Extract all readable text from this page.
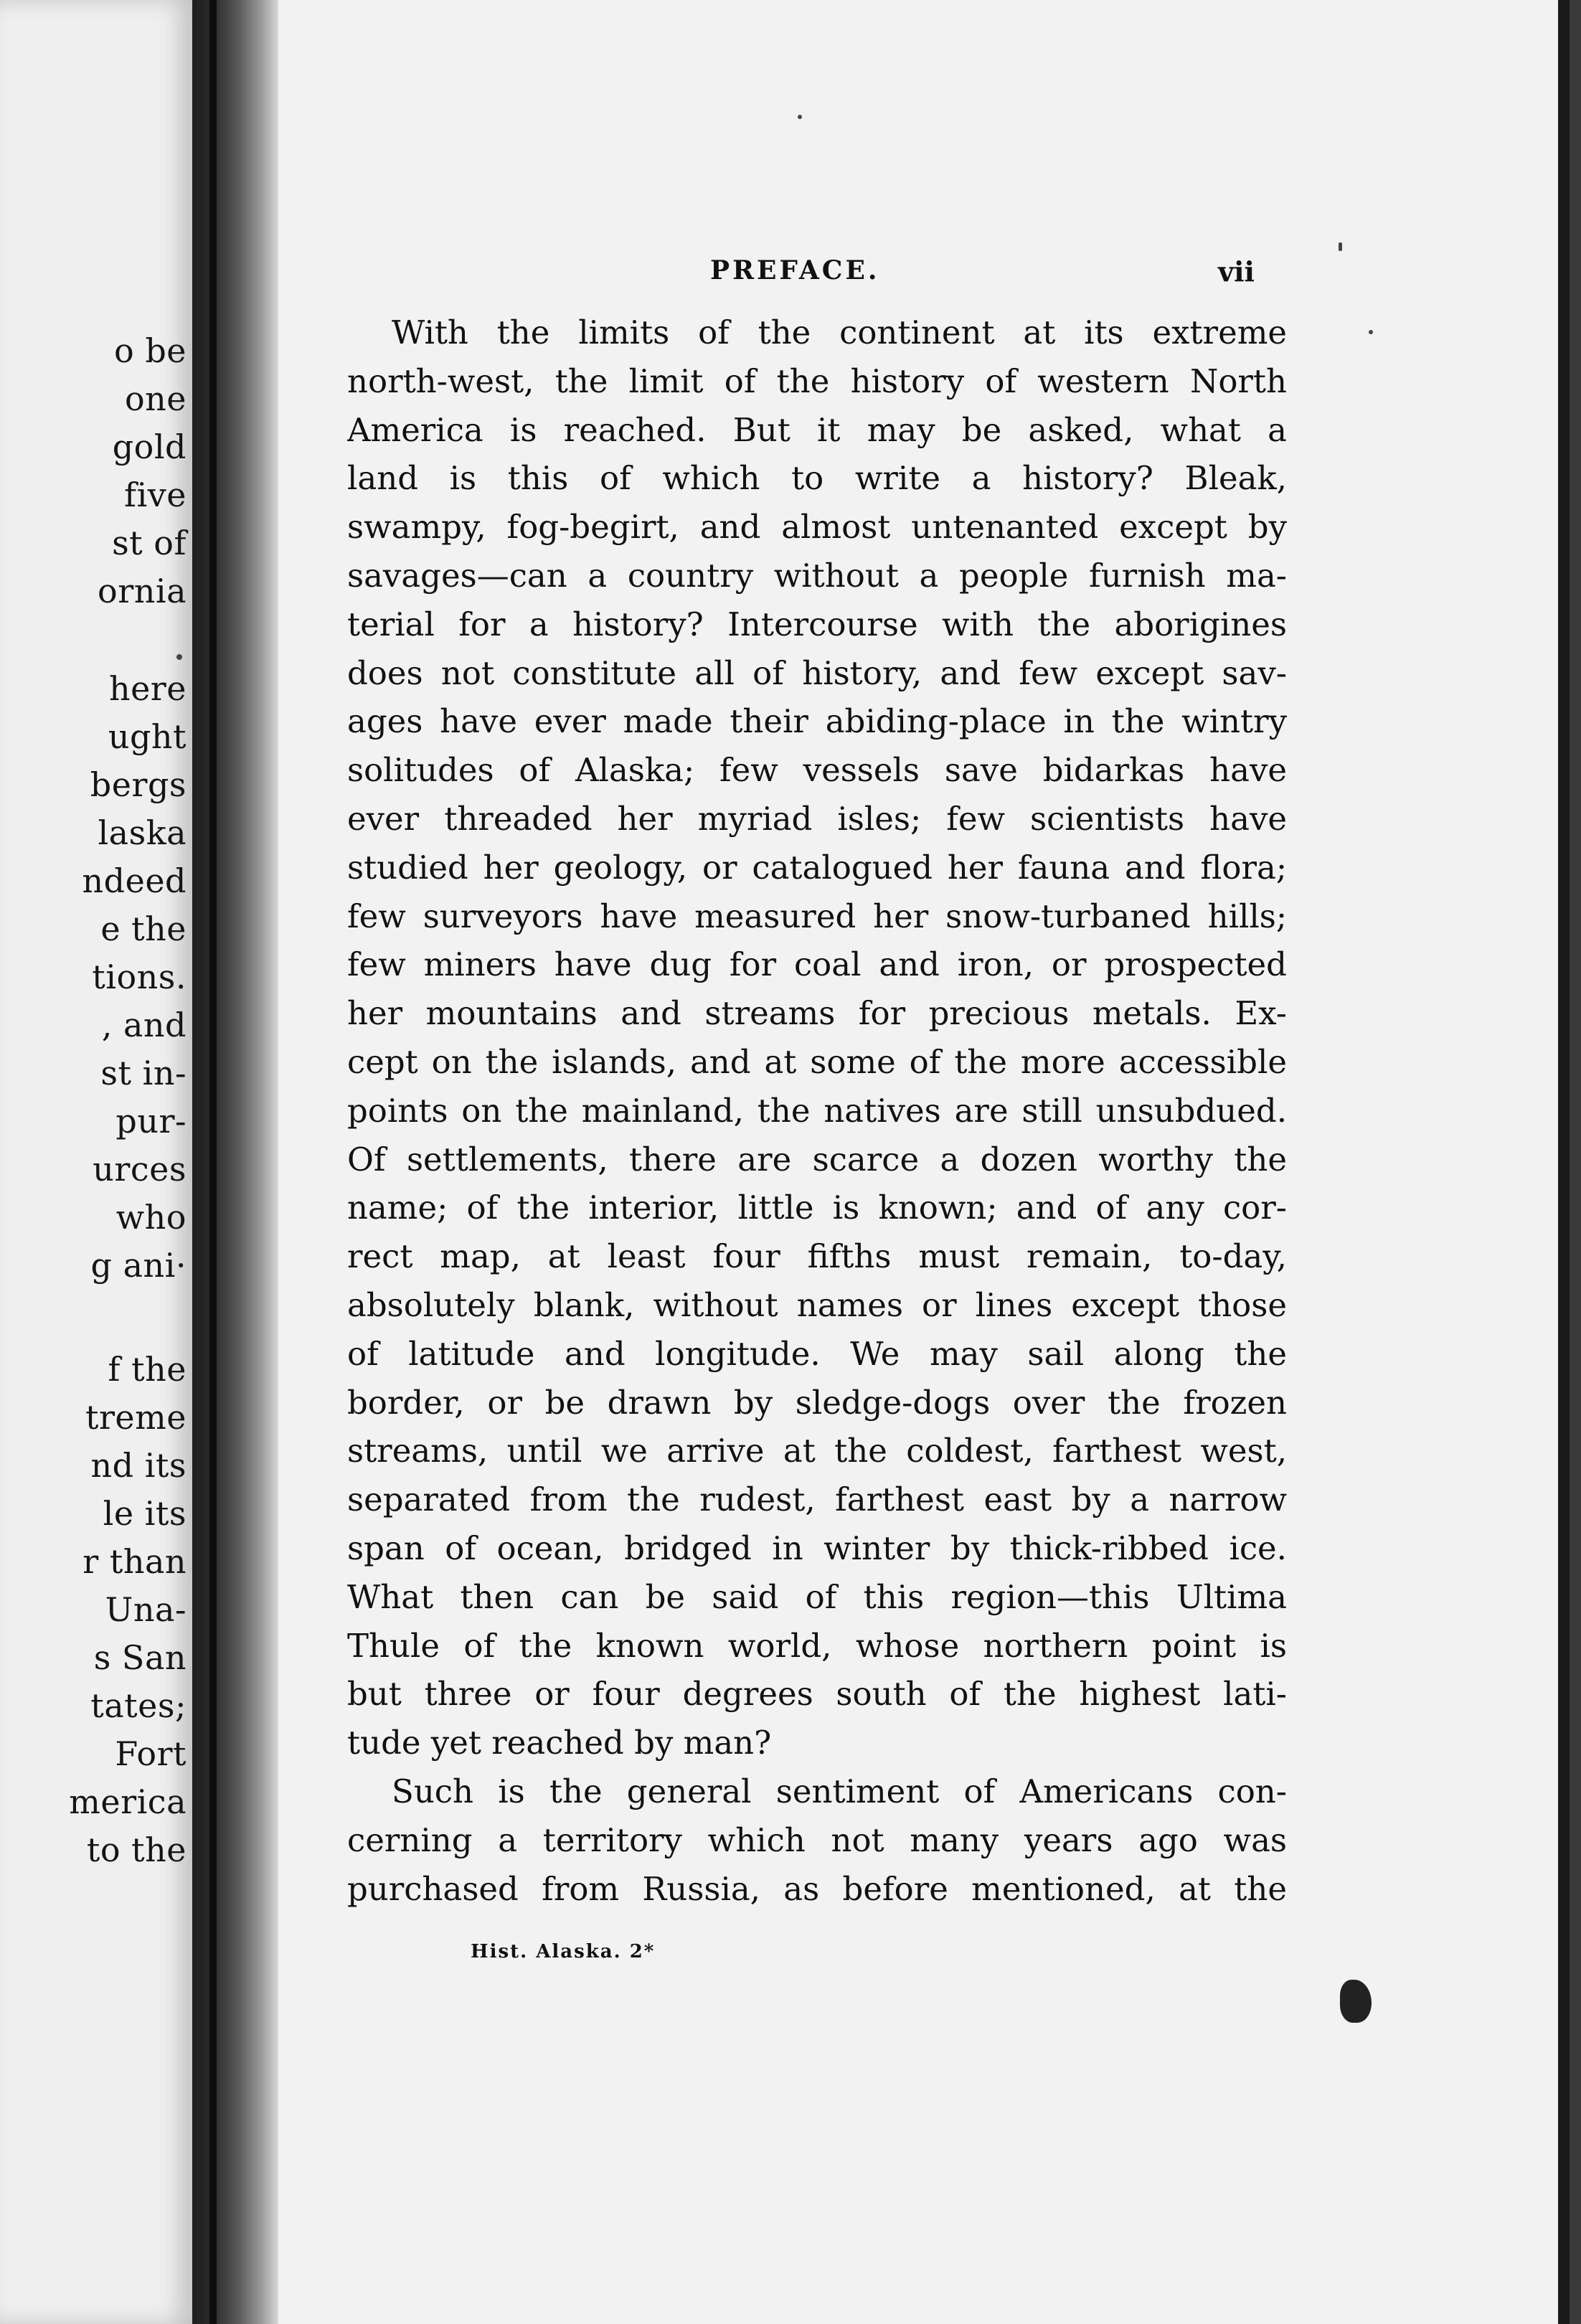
o be
one
gold
five
st of
ornia
here
ught
bergs
laska
ndeed
e the
tions.
, and
st in-
pur-
urces
who
g ani·
f the
treme
nd its
le its
r than
Una-
s San
tates;
Fort
merica
to the
PREFACE.	vii
With the limits of the continent at its extreme
north-west, the limit of the history of western North
America is reached. But it may be asked, what a
land is this of which to write a history? Bleak,
swampy, fog-begirt, and almost untenanted except by
savages—can a country without a people furnish ma-
terial for a history? Intercourse with the aborigines
does not constitute all of history, and few except sav-
ages have ever made their abiding-place in the wintry
solitudes of Alaska; few vessels save bidarkas have
ever threaded her myriad isles; few scientists have
studied her geology, or catalogued her fauna and flora;
few surveyors have measured her snow-turbaned hills;
few miners have dug for coal and iron, or prospected
her mountains and streams for precious metals. Ex-
cept on the islands, and at some of the more accessible
points on the mainland, the natives are still unsubdued.
Of settlements, there are scarce a dozen worthy the
name; of the interior, little is known; and of any cor-
rect map, at least four fifths must remain, to-day,
absolutely blank, without names or lines except those
of latitude and longitude. We may sail along the
border, or be drawn by sledge-dogs over the frozen
streams, until we arrive at the coldest, farthest west,
separated from the rudest, farthest east by a narrow
span of ocean, bridged in winter by thick-ribbed ice.
What then can be said of this region—this Ultima
Thule of the known world, whose northern point is
but three or four degrees south of the highest lati-
tude yet reached by man?
Such is the general sentiment of Americans con-
cerning a territory which not many years ago was
purchased from Russia, as before mentioned, at the
Hist. Alaska. 2*
